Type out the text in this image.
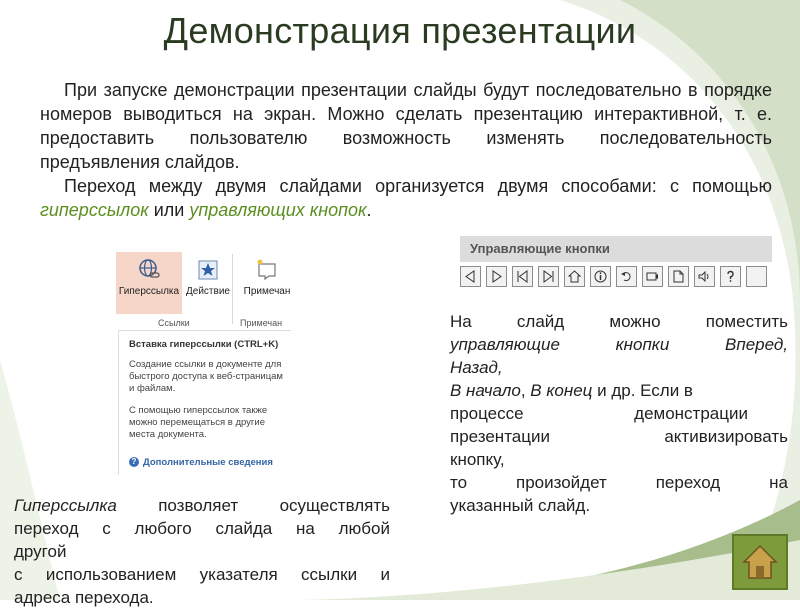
Демонстрация презентации

При запуске демонстрации презентации слайды будут последовательно в порядке номеров выводиться на экран. Можно сделать презентацию интерактивной, т. е. предоставить пользователю возможность изменять последовательность предъявления слайдов.

Переход между двумя слайдами организуется двумя способами: с помощью гиперссылок или управляющих кнопок.

Гиперссылка Действие	Примечан
Ссылки	Примечан
Вставка гиперссылки (CTRL+K)
Создание ссылки в документе для быстрого доступа к веб-страницам и файлам.
С помощью гиперссылок также можно перемещаться в другие места документа.
? Дополнительные сведения
Управляющие кнопки
На	слайд	можно	поместить
управляющие	кнопки	Вперед,
Назад,
В начало , В конец и др. Если в
процессе	демонстрации
презентации	активизировать
кнопку,
то	произойдет	переход	на
указанный слайд.
Гиперссылка позволяет осуществлять
переход с любого слайда на любой
другой
с использованием указателя ссылки и
адреса перехода.
